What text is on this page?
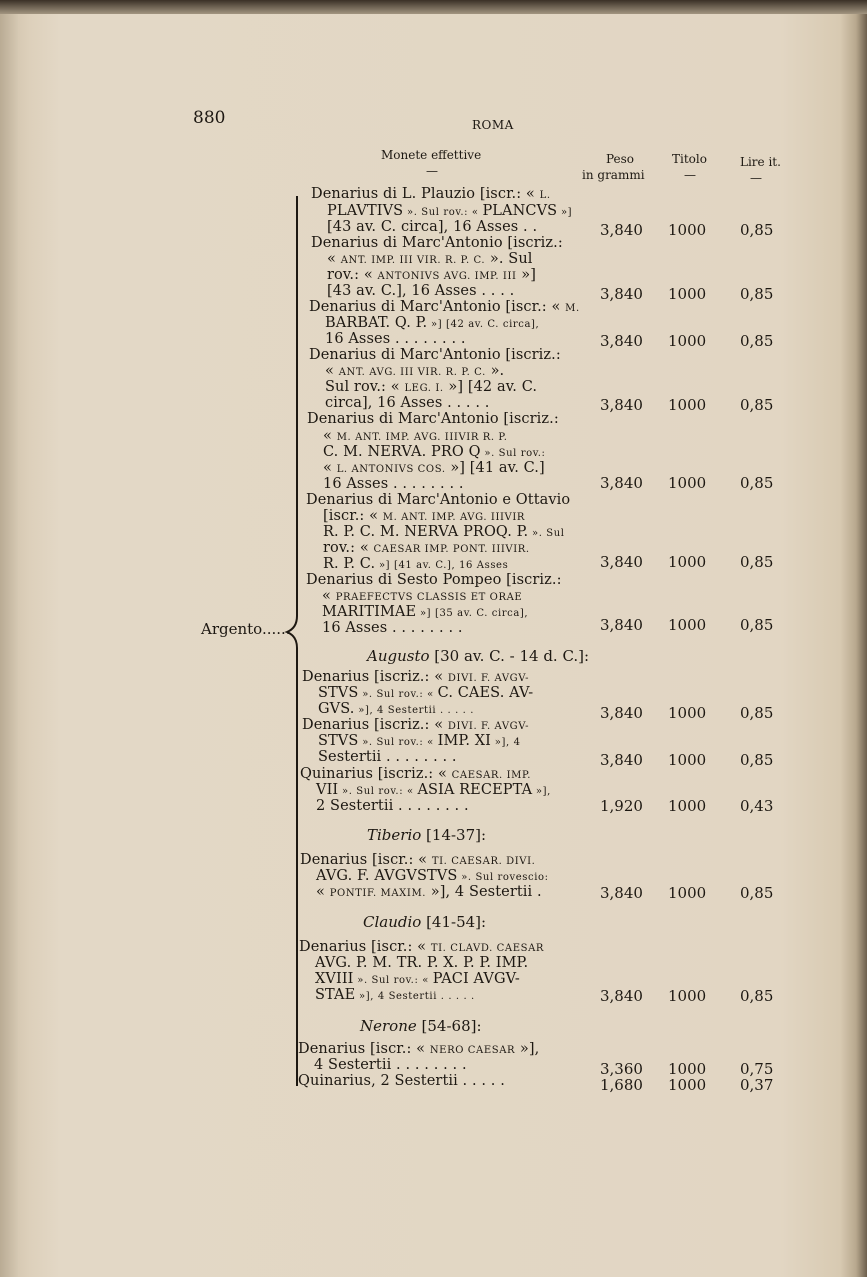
880	ROMA
Monete effettive
—
Peso
in grammi
Titolo
—
Lire it.
—
Argento......
Denarius di L. Plauzio [iscr.: « L.
PLAVTIVS ». Sul rov.: « PLANCVS »]
[43 av. C. circa], 16 Asses . .
Denarius di Marc'Antonio [iscriz.:
« ANT. IMP. III VIR. R. P. C. ». Sul
rov.: « ANTONIVS AVG. IMP. III »]
[43 av. C.], 16 Asses . . . .
Denarius di Marc'Antonio [iscr.: « M.
BARBAT. Q. P. »] [42 av. C. circa],
16 Asses . . . . . . . .
Denarius di Marc'Antonio [iscriz.:
« ANT. AVG. III VIR. R. P. C. ».
Sul rov.: « LEG. I. »] [42 av. C.
circa], 16 Asses . . . . .
Denarius di Marc'Antonio [iscriz.:
« M. ANT. IMP. AVG. IIIVIR R. P.
C. M. NERVA. PRO Q ». Sul rov.:
« L. ANTONIVS COS. »] [41 av. C.]
16 Asses . . . . . . . .
Denarius di Marc'Antonio e Ottavio
[iscr.: « M. ANT. IMP. AVG. IIIVIR
R. P. C. M. NERVA PROQ. P. ». Sul
rov.: « CAESAR IMP. PONT. IIIVIR.
R. P. C. »] [41 av. C.], 16 Asses
Denarius di Sesto Pompeo [iscriz.:
« PRAEFECTVS CLASSIS ET ORAE
MARITIMAE »] [35 av. C. circa],
16 Asses . . . . . . . .
Denarius [iscriz.: « DIVI. F. AVGV-
STVS ». Sul rov.: « C. CAES. AV-
GVS. »], 4 Sestertii . . . . .
Denarius [iscriz.: « DIVI. F. AVGV-
STVS ». Sul rov.: « IMP. XI »], 4
Sestertii . . . . . . . .
Quinarius [iscriz.: « CAESAR. IMP.
VII ». Sul rov.: « ASIA RECEPTA »],
2 Sestertii . . . . . . . .
Denarius [iscr.: « TI. CAESAR. DIVI.
AVG. F. AVGVSTVS ». Sul rovescio:
« PONTIF. MAXIM. »], 4 Sestertii .
Denarius [iscr.: « TI. CLAVD. CAESAR
AVG. P. M. TR. P. X. P. P. IMP.
XVIII ». Sul rov.: « PACI AVGV-
STAE »], 4 Sestertii . . . . .
Denarius [iscr.: « NERO CAESAR »],
4 Sestertii . . . . . . . .
Quinarius, 2 Sestertii . . . . .
3,840 1000 0,85
3,840 1000 0,85
3,840 1000 0,85
3,840 1000 0,85
3,840 1000 0,85
3,840 1000 0,85
3,840 1000 0,85
3,840 1000 0,85
3,840 1000 0,85
1,920 1000 0,43
3,840 1000 0,85
3,840 1000 0,85
3,360 1000 0,75
1,680 1000 0,37
Augusto [30 av. C. - 14 d. C.]:
Tiberio [14-37]:
Claudio [41-54]:
Nerone [54-68]:
